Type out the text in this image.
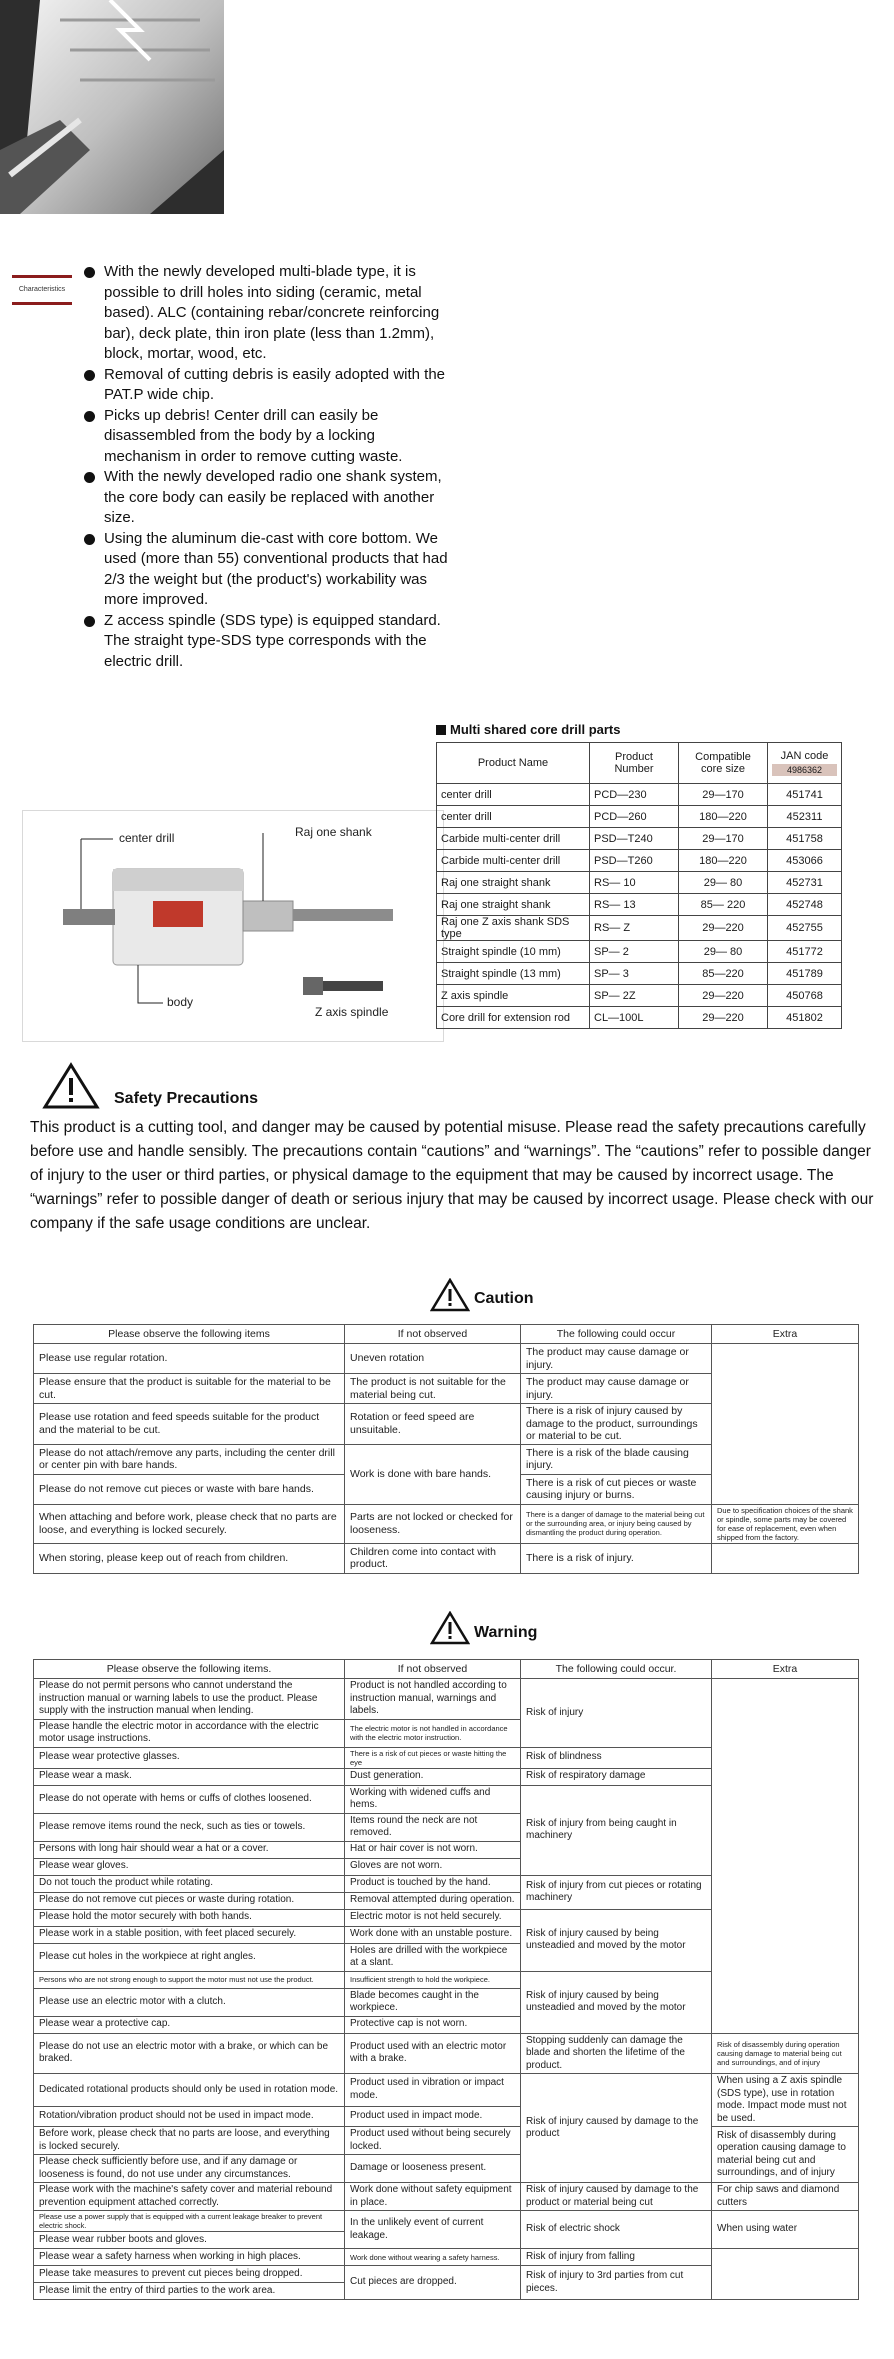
Characteristics
With the newly developed multi-blade type, it is possible to drill holes into siding (ceramic, metal based). ALC (containing rebar/concrete reinforcing bar), deck plate, thin iron plate (less than 1.2mm), block, mortar, wood, etc.
Removal of cutting debris is easily adopted with the PAT.P wide chip.
Picks up debris! Center drill can easily be disassembled from the body by a locking mechanism in order to remove cutting waste.
With the newly developed radio one shank system, the core body can easily be replaced with another size.
Using the aluminum die-cast with core bottom. We used (more than 55) conventional products that had 2/3 the weight but (the product's) workability was more improved.
Z access spindle (SDS type) is equipped standard. The straight type-SDS type corresponds with the electric drill.
center drill	Raj one shank
body
Z axis spindle
Multi shared core drill parts
Product Name	Product Number	Compatible core size	JAN code
4986362

center drill	PCD—230	29—170	451741
center drill	PCD—260	180—220	452311
Carbide multi-center drill	PSD—T240	29—170	451758
Carbide multi-center drill	PSD—T260	180—220	453066
Raj one straight shank	RS— 10	29— 80	452731
Raj one straight shank	RS— 13	85— 220	452748
Raj one Z axis shank SDS type	RS— Z	29—220	452755
Straight spindle (10 mm)	SP— 2	29— 80	451772
Straight spindle (13 mm)	SP— 3	85—220	451789
Z axis spindle	SP— 2Z	29—220	450768
Core drill for extension rod	CL—100L	29—220	451802
Safety Precautions
This product is a cutting tool, and danger may be caused by potential misuse. Please read the safety precautions carefully before use and handle sensibly. The precautions contain “cautions” and “warnings”. The “cautions” refer to possible danger of injury to the user or third parties, or physical damage to the equipment that may be caused by incorrect usage. The “warnings” refer to possible danger of death or serious injury that may be caused by incorrect usage. Please check with our company if the safe usage conditions are unclear.
Caution
Please observe the following items	If not observed	The following could occur	Extra
Please use regular rotation.	Uneven rotation	The product may cause damage or injury.	
Please ensure that the product is suitable for the material to be cut.	The product is not suitable for the material being cut.	The product may cause damage or injury.	
Please use rotation and feed speeds suitable for the product and the material to be cut.	Rotation or feed speed are unsuitable.	There is a risk of injury caused by damage to the product, surroundings or material to be cut.	
Please do not attach/remove any parts, including the center drill or center pin with bare hands.	Work is done with bare hands.	There is a risk of the blade causing injury.	
Please do not remove cut pieces or waste with bare hands.		There is a risk of cut pieces or waste causing injury or burns.	
When attaching and before work, please check that no parts are loose, and everything is locked securely.	Parts are not locked or checked for looseness.	There is a danger of damage to the material being cut or the surrounding area, or injury being caused by dismantling the product during operation.	Due to specification choices of the shank or spindle, some parts may be covered for ease of replacement, even when shipped from the factory.
When storing, please keep out of reach from children.	Children come into contact with product.	There is a risk of injury.	
Warning
Please observe the following items.	If not observed	The following could occur.	Extra
Please do not permit persons who cannot understand the instruction manual or warning labels to use the product. Please supply with the instruction manual when lending.	Product is not handled according to instruction manual, warnings and labels.	Risk of injury	
Please handle the electric motor in accordance with the electric motor usage instructions.	The electric motor is not handled in accordance with the electric motor instruction.		
Please wear protective glasses.	There is a risk of cut pieces or waste hitting the eye	Risk of blindness	
Please wear a mask.	Dust generation.	Risk of respiratory damage	
Please do not operate with hems or cuffs of clothes loosened.	Working with widened cuffs and hems.	Risk of injury from being caught in machinery	
Please remove items round the neck, such as ties or towels.	Items round the neck are not removed.		
Persons with long hair should wear a hat or a cover.	Hat or hair cover is not worn.		
Please wear gloves.	Gloves are not worn.		
Do not touch the product while rotating.	Product is touched by the hand.	Risk of injury from cut pieces or rotating machinery	
Please do not remove cut pieces or waste during rotation.	Removal attempted during operation.		
Please hold the motor securely with both hands.	Electric motor is not held securely.	Risk of injury caused by being unsteadied and moved by the motor	
Please work in a stable position, with feet placed securely.	Work done with an unstable posture.		
Please cut holes in the workpiece at right angles.	Holes are drilled with the workpiece at a slant.		
Persons who are not strong enough to support the motor must not use the product.	Insufficient strength to hold the workpiece.	Risk of injury caused by being unsteadied and moved by the motor	
Please use an electric motor with a clutch.	Blade becomes caught in the workpiece.		
Please wear a protective cap.	Protective cap is not worn.		
Please do not use an electric motor with a brake, or which can be braked.	Product used with an electric motor with a brake.	Stopping suddenly can damage the blade and shorten the lifetime of the product.	Risk of disassembly during operation causing damage to material being cut and surroundings, and of injury
Dedicated rotational products should only be used in rotation mode.	Product used in vibration or impact mode.	Risk of injury caused by damage to the product	When using a Z axis spindle (SDS type), use in rotation mode. Impact mode must not be used.
Rotation/vibration product should not be used in impact mode.	Product used in impact mode.		
Before work, please check that no parts are loose, and everything is locked securely.	Product used without being securely locked.		Risk of disassembly during operation causing damage to material being cut and surroundings, and of injury
Please check sufficiently before use, and if any damage or looseness is found, do not use under any circumstances.	Damage or looseness present.		
Please work with the machine's safety cover and material rebound prevention equipment attached correctly.	Work done without safety equipment in place.	Risk of injury caused by damage to the product or material being cut	For chip saws and diamond cutters
Please use a power supply that is equipped with a current leakage breaker to prevent electric shock.	In the unlikely event of current leakage.	Risk of electric shock	When using water
Please wear rubber boots and gloves.			
Please wear a safety harness when working in high places.	Work done without wearing a safety harness.	Risk of injury from falling	
Please take measures to prevent cut pieces being dropped.	Cut pieces are dropped.	Risk of injury to 3rd parties from cut pieces.	
Please limit the entry of third parties to the work area.			
